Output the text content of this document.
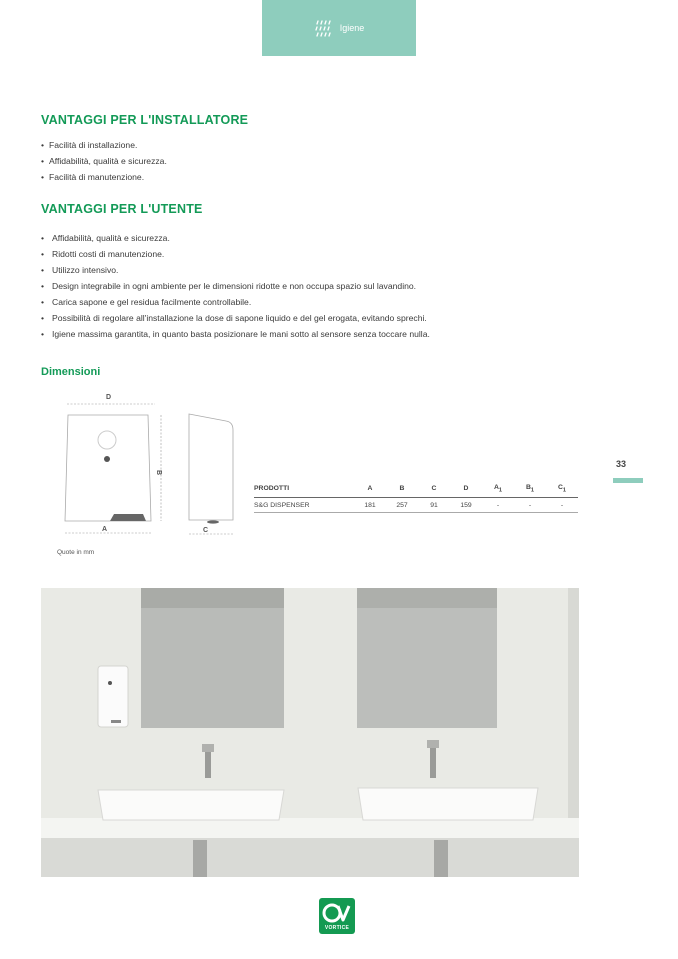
Igiene
VANTAGGI PER L'INSTALLATORE
• Facilità di installazione.
• Affidabilità, qualità e sicurezza.
• Facilità di manutenzione.
VANTAGGI PER L'UTENTE
• Affidabilità, qualità e sicurezza.
• Ridotti costi di manutenzione.
• Utilizzo intensivo.
• Design integrabile in ogni ambiente per le dimensioni ridotte e non occupa spazio sul lavandino.
• Carica sapone e gel residua facilmente controllabile.
• Possibilità di regolare all'installazione la dose di sapone liquido e del gel erogata, evitando sprechi.
• Igiene massima garantita, in quanto basta posizionare le mani sotto al sensore senza toccare nulla.
Dimensioni
D
A
B
C
Quote in mm
33
PRODOTTI	A	B	C	D	$A_1$	$B_1$	$C_1$
S&G DISPENSER	181	257	91	159	-	-	-
VORTICE
